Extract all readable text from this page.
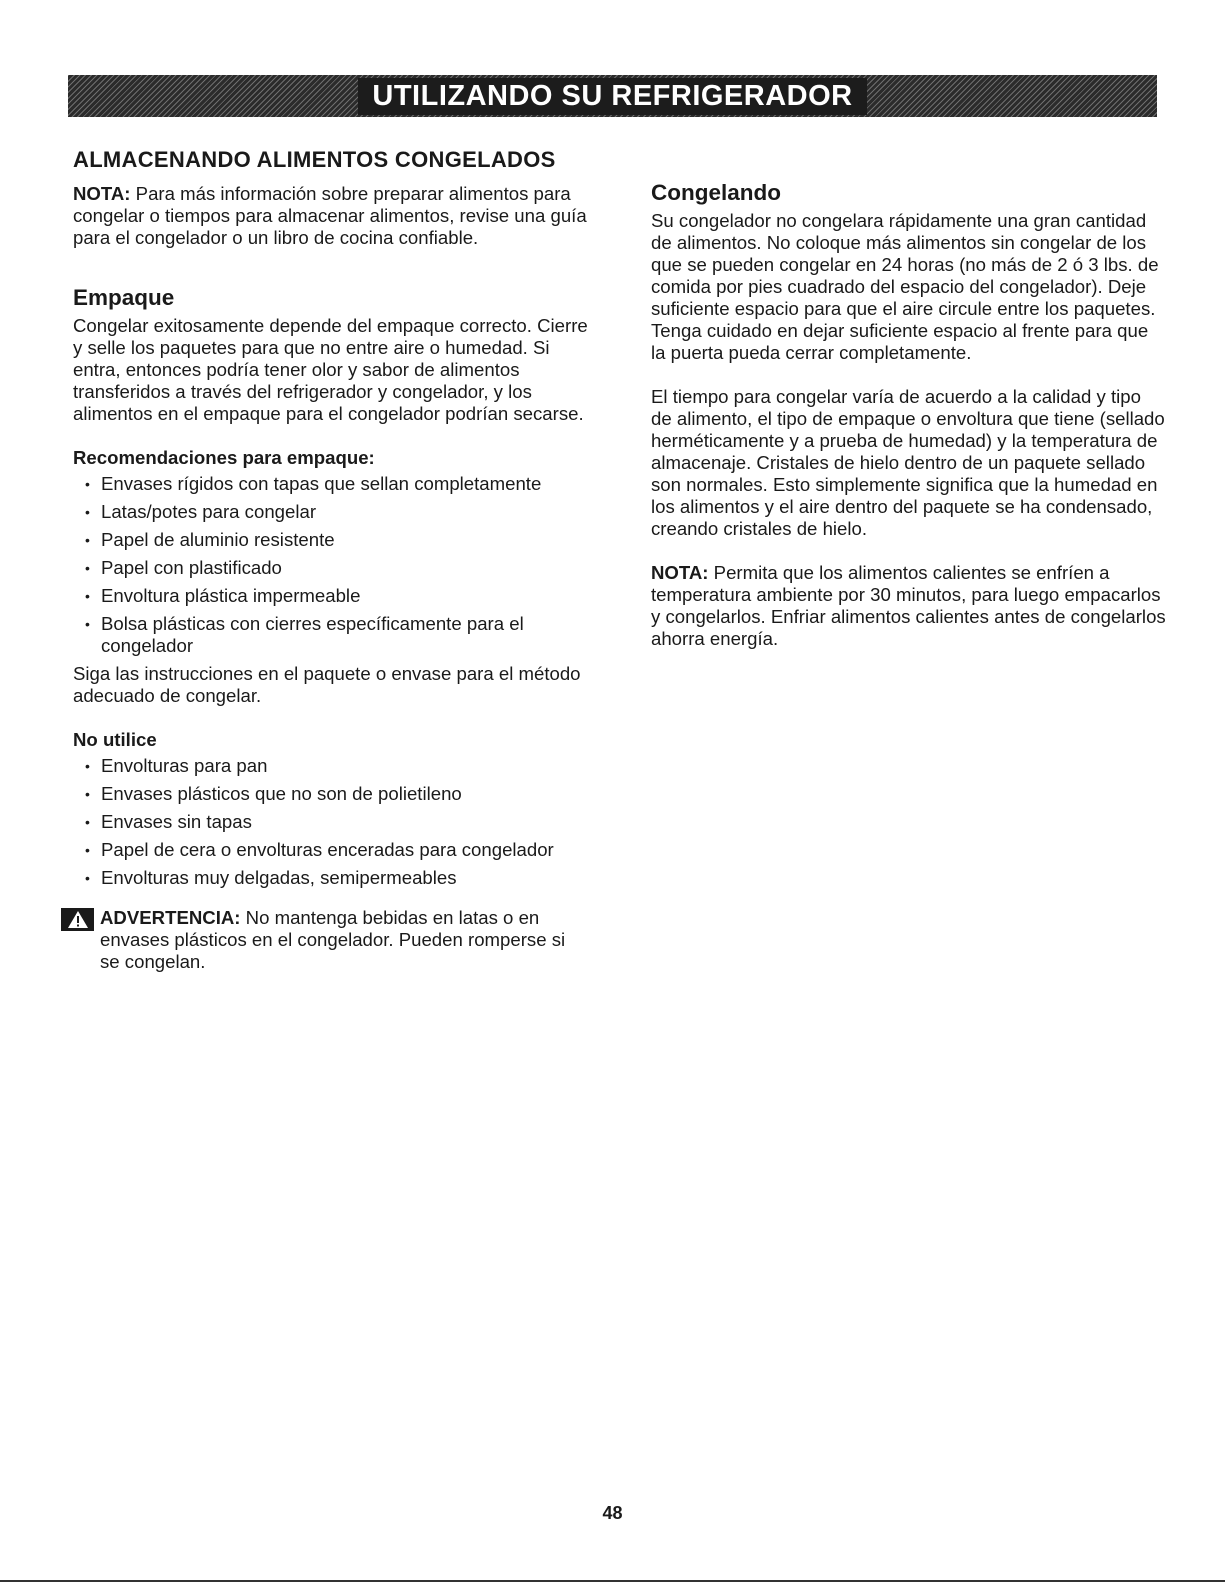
UTILIZANDO SU REFRIGERADOR
ALMACENANDO ALIMENTOS CONGELADOS

NOTA: Para más información sobre preparar alimentos para congelar o tiempos para almacenar alimentos, revise una guía para el congelador o un libro de cocina confiable.

Empaque

Congelar exitosamente depende del empaque correcto. Cierre y selle los paquetes para que no entre aire o humedad. Si entra, entonces podría tener olor y sabor de alimentos transferidos a través del refrigerador y congelador, y los alimentos en el empaque para el congelador podrían secarse.

Recomendaciones para empaque:
• Envases rígidos con tapas que sellan completamente
• Latas/potes para congelar
• Papel de aluminio resistente
• Papel con plastificado
• Envoltura plástica impermeable
• Bolsa plásticas con cierres específicamente para el congelador

Siga las instrucciones en el paquete o envase para el método adecuado de congelar.

No utilice
• Envolturas para pan
• Envases plásticos que no son de polietileno
• Envases sin tapas
• Papel de cera o envolturas enceradas para congelador
• Envolturas muy delgadas, semipermeables
ADVERTENCIA: No mantenga bebidas en latas o en envases plásticos en el congelador. Pueden romperse si se congelan.
Congelando

Su congelador no congelara rápidamente una gran cantidad de alimentos. No coloque más alimentos sin congelar de los que se pueden congelar en 24 horas (no más de 2 ó 3 lbs. de comida por pies cuadrado del espacio del congelador). Deje suficiente espacio para que el aire circule entre los paquetes. Tenga cuidado en dejar suficiente espacio al frente para que la puerta pueda cerrar completamente.

El tiempo para congelar varía de acuerdo a la calidad y tipo de alimento, el tipo de empaque o envoltura que tiene (sellado herméticamente y a prueba de humedad) y la temperatura de almacenaje. Cristales de hielo dentro de un paquete sellado son normales. Esto simplemente significa que la humedad en los alimentos y el aire dentro del paquete se ha condensado, creando cristales de hielo.

NOTA: Permita que los alimentos calientes se enfríen a temperatura ambiente por 30 minutos, para luego empacarlos y congelarlos. Enfriar alimentos calientes antes de congelarlos ahorra energía.

48
